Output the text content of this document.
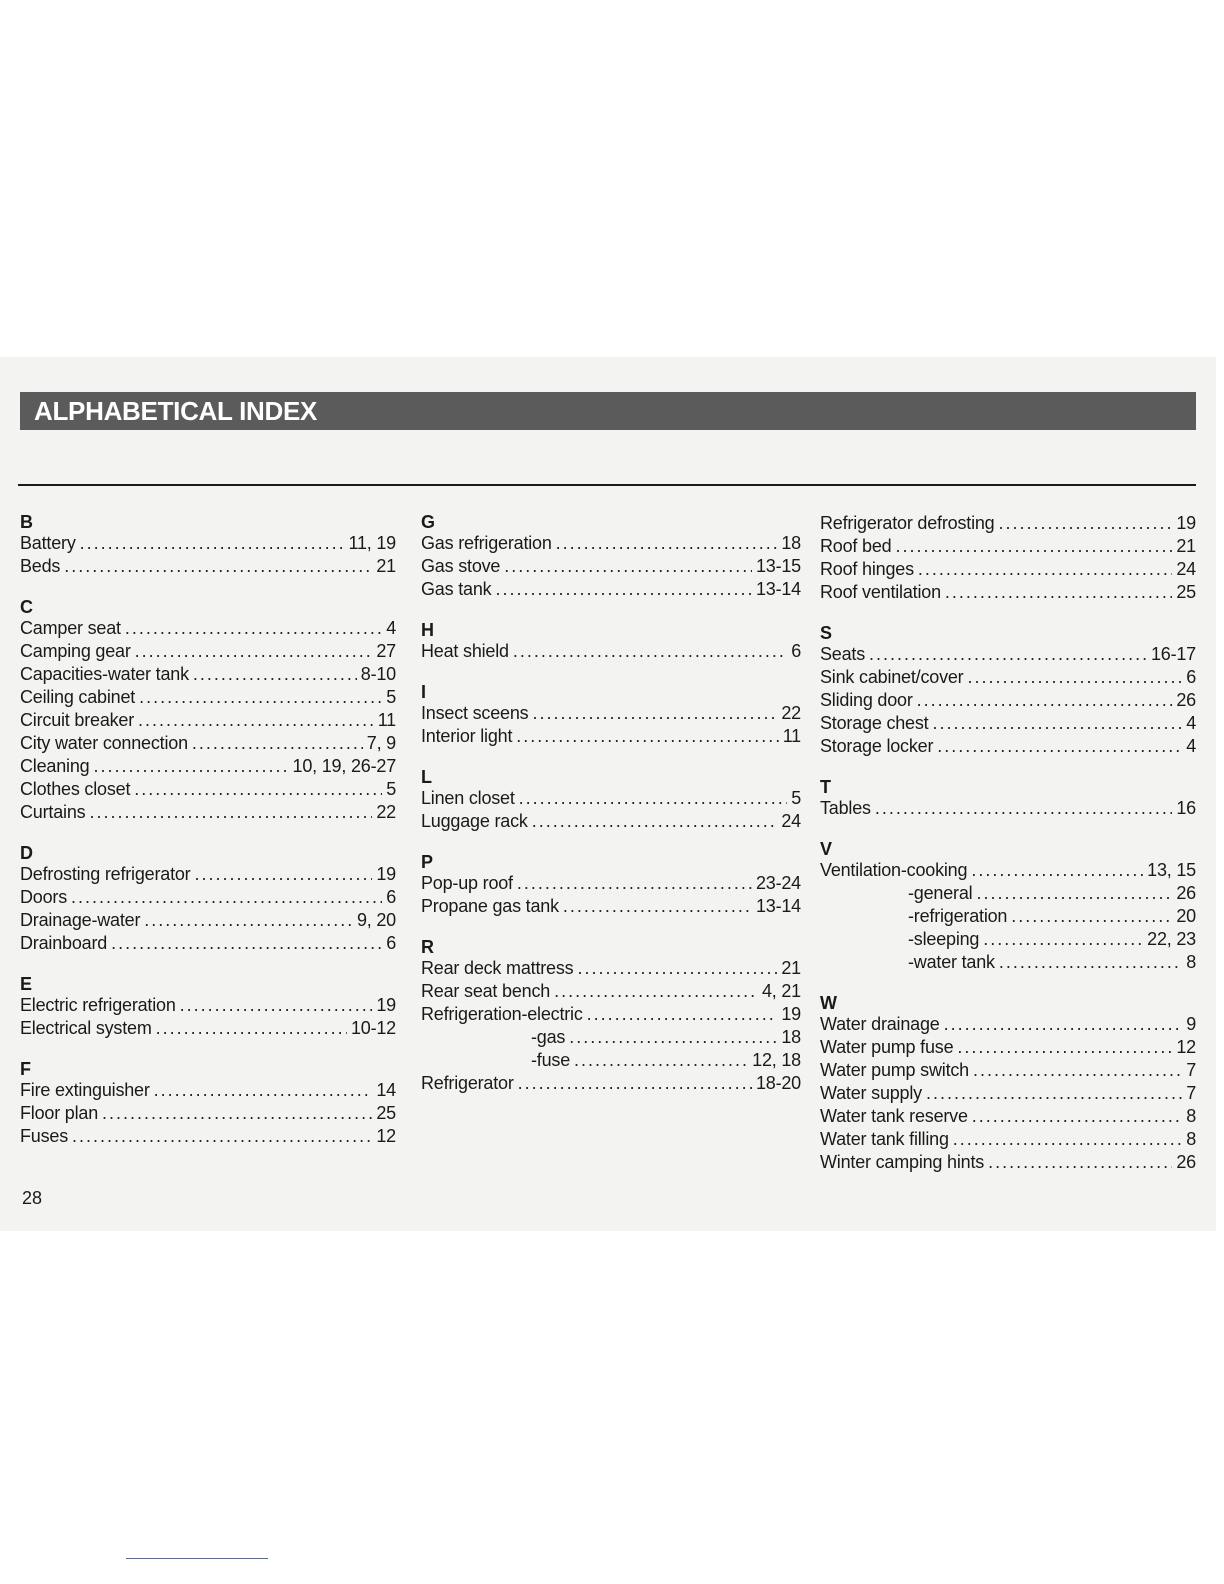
ALPHABETICAL INDEX
B
Battery .....	11, 19
Beds .....	21
C
Camper seat .....	4
Camping gear .....	27
Capacities-water tank .....	8-10
Ceiling cabinet .....	5
Circuit breaker .....	11
City water connection .....	7, 9
Cleaning .....	10, 19, 26-27
Clothes closet .....	5
Curtains .....	22
D
Defrosting refrigerator .....	19
Doors .....	6
Drainage-water .....	9, 20
Drainboard .....	6
E
Electric refrigeration .....	19
Electrical system .....	10-12
F
Fire extinguisher .....	14
Floor plan .....	25
Fuses .....	12
G
Gas refrigeration .....	18
Gas stove .....	13-15
Gas tank .....	13-14
H
Heat shield .....	6
I
Insect sceens .....	22
Interior light .....	11
L
Linen closet .....	5
Luggage rack .....	24
P
Pop-up roof .....	23-24
Propane gas tank .....	13-14
R
Rear deck mattress .....	21
Rear seat bench .....	4, 21
Refrigeration-electric .....	19
-gas .....	18
-fuse .....	12, 18
Refrigerator .....	18-20
Refrigerator defrosting .....	19
Roof bed .....	21
Roof hinges .....	24
Roof ventilation .....	25
S
Seats .....	16-17
Sink cabinet/cover .....	6
Sliding door .....	26
Storage chest .....	4
Storage locker .....	4
T
Tables .....	16
V
Ventilation-cooking .....	13, 15
-general .....	26
-refrigeration .....	20
-sleeping .....	22, 23
-water tank .....	8
W
Water drainage .....	9
Water pump fuse .....	12
Water pump switch .....	7
Water supply .....	7
Water tank reserve .....	8
Water tank filling .....	8
Winter camping hints .....	26
28
